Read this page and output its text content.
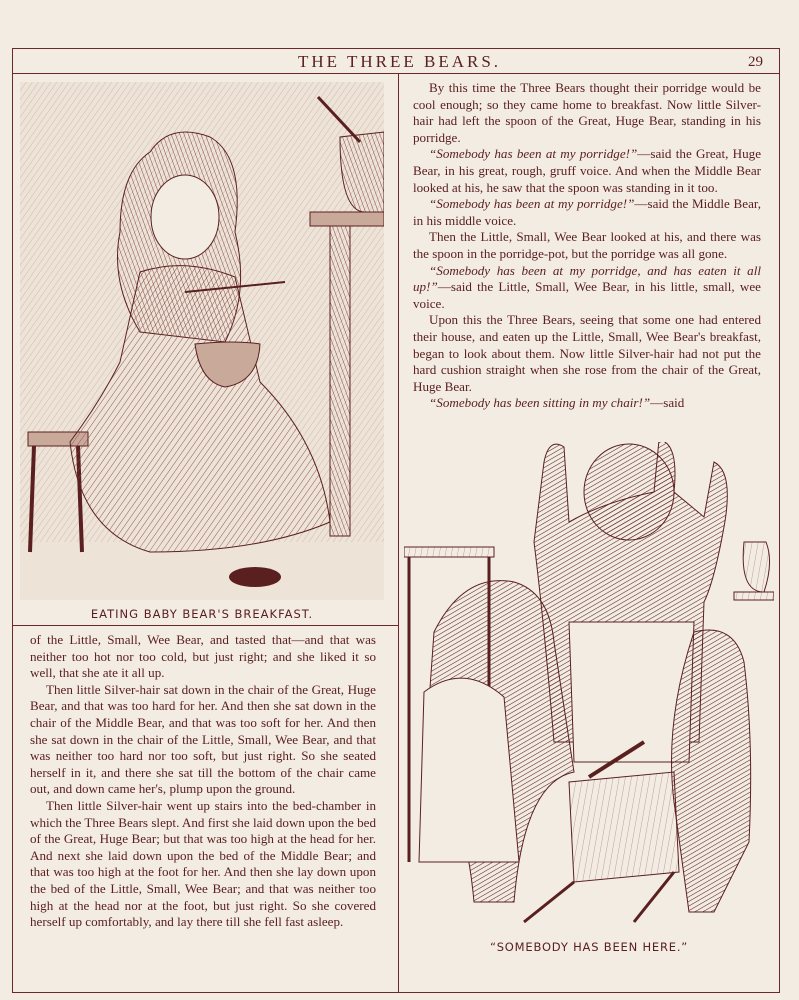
THE THREE BEARS.	29
EATING BABY BEAR'S BREAKFAST.

of the Little, Small, Wee Bear, and tasted that—and that was neither too hot nor too cold, but just right; and she liked it so well, that she ate it all up.

Then little Silver-hair sat down in the chair of the Great, Huge Bear, and that was too hard for her. And then she sat down in the chair of the Middle Bear, and that was too soft for her. And then she sat down in the chair of the Little, Small, Wee Bear, and that was neither too hard nor too soft, but just right. So she seated herself in it, and there she sat till the bottom of the chair came out, and down came her's, plump upon the ground.

Then little Silver-hair went up stairs into the bed-chamber in which the Three Bears slept. And first she laid down upon the bed of the Great, Huge Bear; but that was too high at the head for her. And next she laid down upon the bed of the Middle Bear; and that was too high at the foot for her. And then she lay down upon the bed of the Little, Small, Wee Bear; and that was neither too high at the head nor at the foot, but just right. So she covered herself up comfortably, and lay there till she fell fast asleep.

By this time the Three Bears thought their porridge would be cool enough; so they came home to breakfast. Now little Silver-hair had left the spoon of the Great, Huge Bear, standing in his porridge.

“Somebody has been at my porridge!”—said the Great, Huge Bear, in his great, rough, gruff voice. And when the Middle Bear looked at his, he saw that the spoon was standing in it too.

“Somebody has been at my porridge!”—said the Middle Bear, in his middle voice.

Then the Little, Small, Wee Bear looked at his, and there was the spoon in the porridge-pot, but the porridge was all gone.

“Somebody has been at my porridge, and has eaten it all up!”—said the Little, Small, Wee Bear, in his little, small, wee voice.

Upon this the Three Bears, seeing that some one had entered their house, and eaten up the Little, Small, Wee Bear's breakfast, began to look about them. Now little Silver-hair had not put the hard cushion straight when she rose from the chair of the Great, Huge Bear.

“Somebody has been sitting in my chair!”—said

“SOMEBODY HAS BEEN HERE.”
